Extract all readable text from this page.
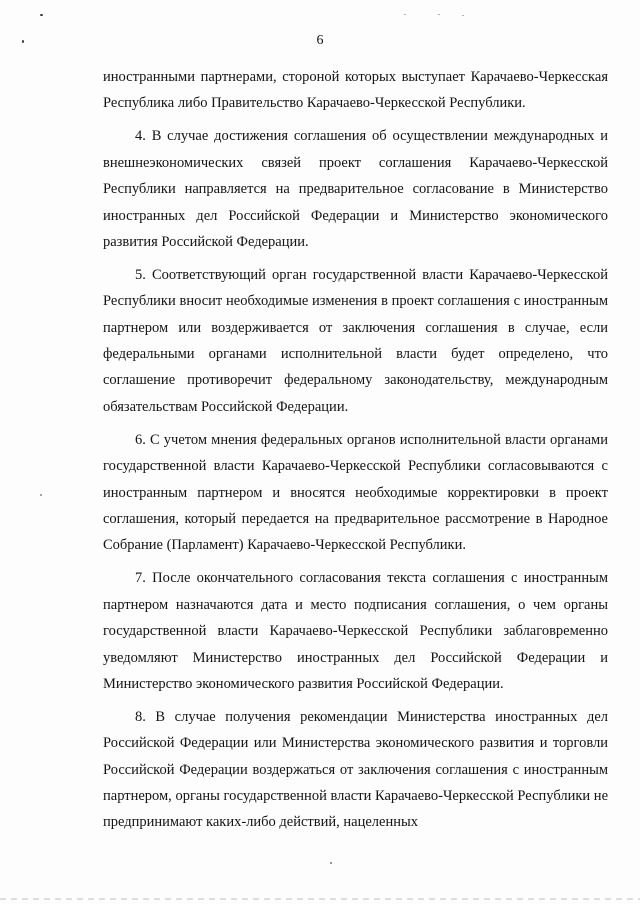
6

иностранными партнерами, стороной которых выступает Карачаево-Черкесская Республика либо Правительство Карачаево-Черкесской Республики.

4. В случае достижения соглашения об осуществлении международных и внешнеэкономических связей проект соглашения Карачаево-Черкесской Республики направляется на предварительное согласование в Министерство иностранных дел Российской Федерации и Министерство экономического развития Российской Федерации.

5. Соответствующий орган государственной власти Карачаево-Черкесской Республики вносит необходимые изменения в проект соглашения с иностранным партнером или воздерживается от заключения соглашения в случае, если федеральными органами исполнительной власти будет определено, что соглашение противоречит федеральному законодательству, международным обязательствам Российской Федерации.

6. С учетом мнения федеральных органов исполнительной власти органами государственной власти Карачаево-Черкесской Республики согласовываются с иностранным партнером и вносятся необходимые корректировки в проект соглашения, который передается на предварительное рассмотрение в Народное Собрание (Парламент) Карачаево-Черкесской Республики.

7. После окончательного согласования текста соглашения с иностранным партнером назначаются дата и место подписания соглашения, о чем органы государственной власти Карачаево-Черкесской Республики заблаговременно уведомляют Министерство иностранных дел Российской Федерации и Министерство экономического развития Российской Федерации.

8. В случае получения рекомендации Министерства иностранных дел Российской Федерации или Министерства экономического развития и торговли Российской Федерации воздержаться от заключения соглашения с иностранным партнером, органы государственной власти Карачаево-Черкесской Республики не предпринимают каких-либо действий, нацеленных
